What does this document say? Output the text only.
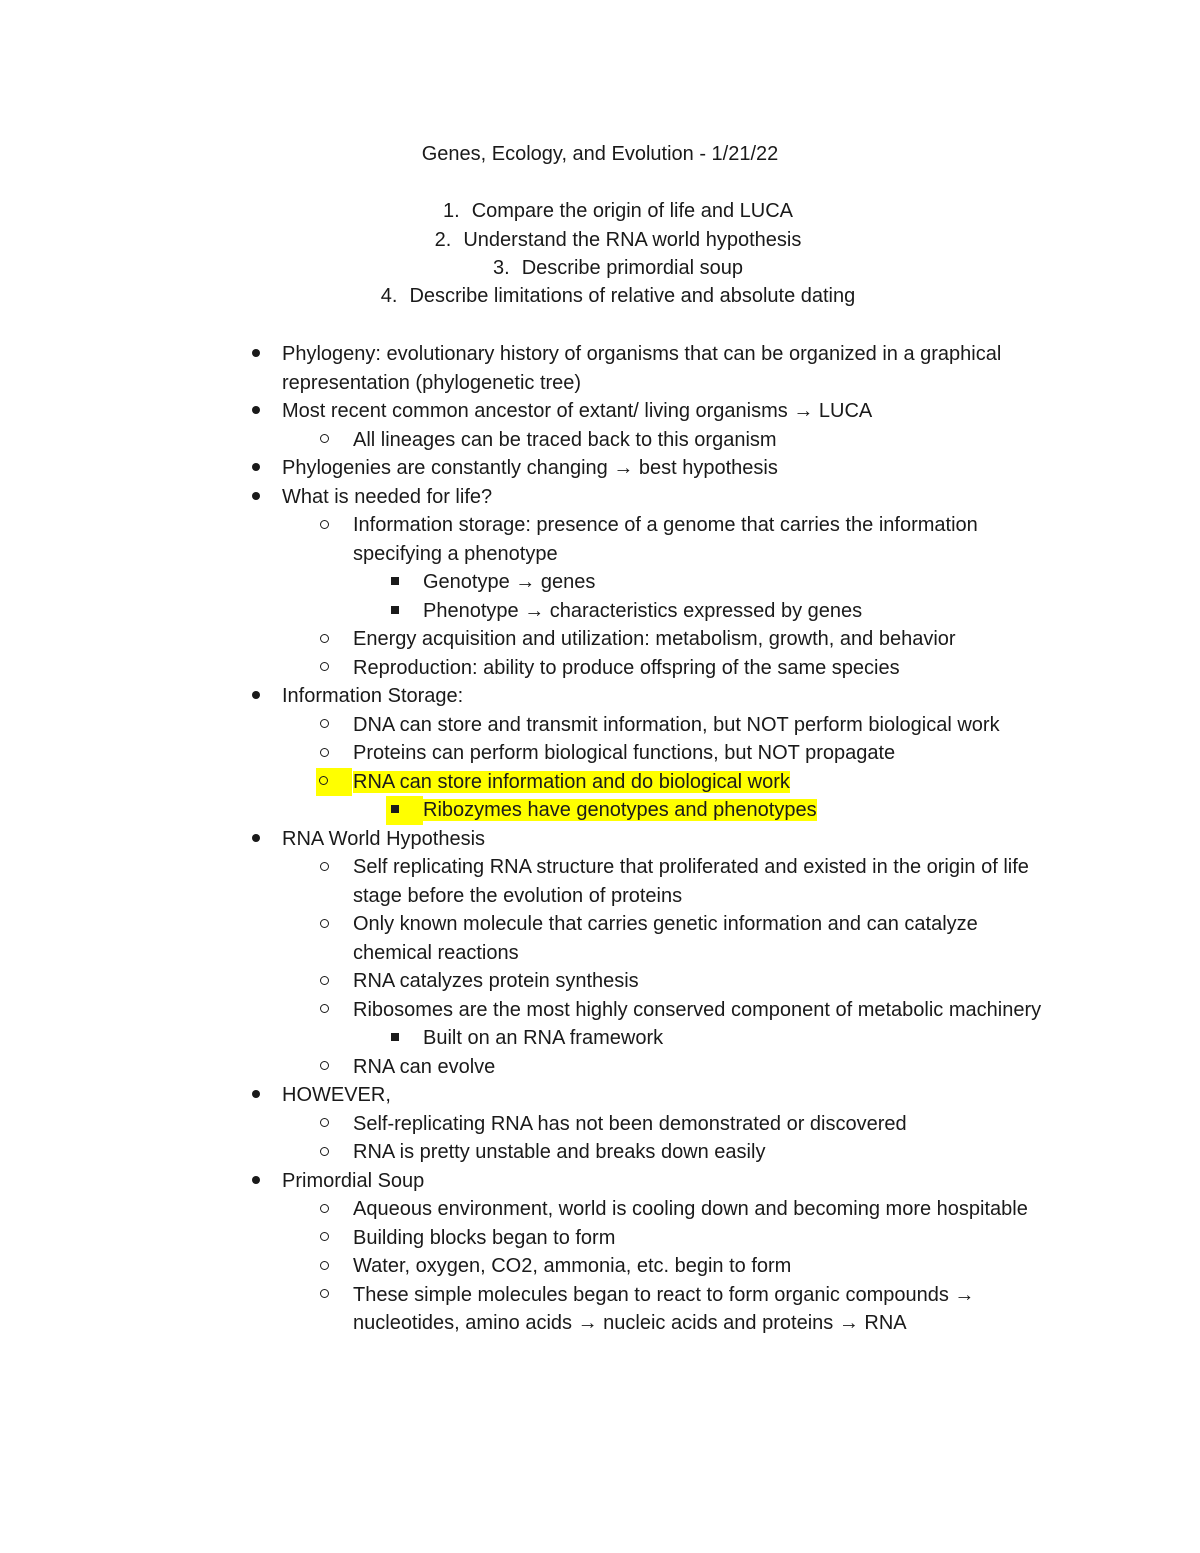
Genes, Ecology, and Evolution - 1/21/22
1. Compare the origin of life and LUCA
2. Understand the RNA world hypothesis
3. Describe primordial soup
4. Describe limitations of relative and absolute dating
Phylogeny: evolutionary history of organisms that can be organized in a graphical representation (phylogenetic tree)
Most recent common ancestor of extant/ living organisms → LUCA
All lineages can be traced back to this organism
Phylogenies are constantly changing → best hypothesis
What is needed for life?
Information storage: presence of a genome that carries the information specifying a phenotype
Genotype → genes
Phenotype → characteristics expressed by genes
Energy acquisition and utilization: metabolism, growth, and behavior
Reproduction: ability to produce offspring of the same species
Information Storage:
DNA can store and transmit information, but NOT perform biological work
Proteins can perform biological functions, but NOT propagate
RNA can store information and do biological work
Ribozymes have genotypes and phenotypes
RNA World Hypothesis
Self replicating RNA structure that proliferated and existed in the origin of life stage before the evolution of proteins
Only known molecule that carries genetic information and can catalyze chemical reactions
RNA catalyzes protein synthesis
Ribosomes are the most highly conserved component of metabolic machinery
Built on an RNA framework
RNA can evolve
HOWEVER,
Self-replicating RNA has not been demonstrated or discovered
RNA is pretty unstable and breaks down easily
Primordial Soup
Aqueous environment, world is cooling down and becoming more hospitable
Building blocks began to form
Water, oxygen, CO2, ammonia, etc. begin to form
These simple molecules began to react to form organic compounds → nucleotides, amino acids → nucleic acids and proteins → RNA
